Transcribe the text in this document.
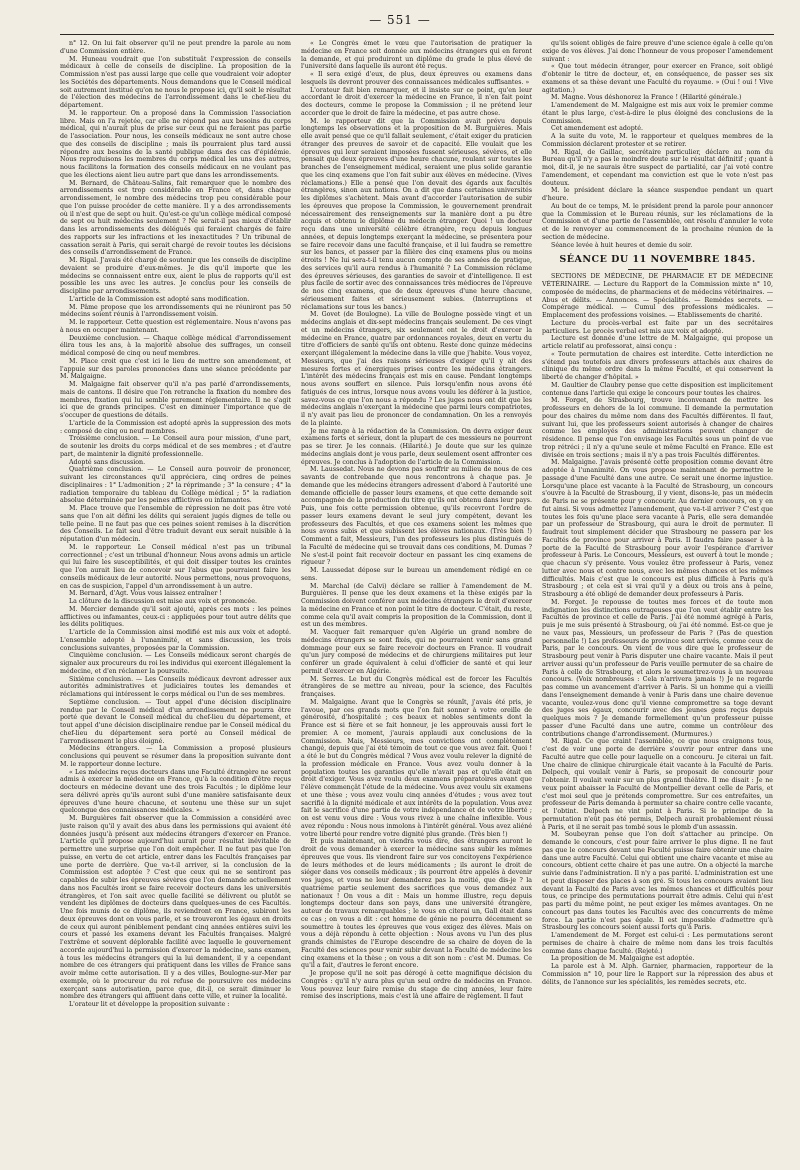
— 551 —

n° 12. On lui fait observer qu'il ne peut prendre la parole au nom d'une Commission entière.

M. Huneau voudrait que l'on substituât l'expression de conseils médicaux à celle de conseils de discipline. La proposition de la Commission n'est pas aussi large que celle que voudraient voir adopter les Sociétés des départements. Nous demandons que le Conseil médical soit autrement institué qu'on ne nous le propose ici, qu'il soit le résultat de l'élection des médecins de l'arrondissement dans le chef-lieu du département.

M. le rapporteur. On a proposé dans la Commission l'association libre. Mais on l'a rejetée, car elle ne répond pas aux besoins du corps médical, qui n'aurait plus de prise sur ceux qui ne feraient pas partie de l'association. Pour nous, les conseils médicaux ne sont autre chose que des conseils de discipline ; mais ils pourraient plus tard aussi répondre aux besoins de la santé publique dans des cas d'épidémie. Nous reproduisons les membres du corps médical les uns des autres, nous facilitons la formation des conseils médicaux en ne voulant pas que les élections aient lieu autre part que dans les arrondissements.

M. Bernard, de Château-Salins, fait remarquer que le nombre des arrondissements est trop considérable en France et, dans chaque arrondissement, le nombre des médecins trop peu considérable pour que l'on puisse procéder de cette manière. Il y a des arrondissements où il n'est que de sept ou huit. Qu'est-ce qu'un collège médical composé de sept ou huit médecins seulement ? Ne serait-il pas mieux d'établir dans les arrondissements des délégués qui feraient chargés de faire des rapports sur les infractions et les inexactitudes ? Un tribunal de cassation serait à Paris, qui serait chargé de revoir toutes les décisions des conseils d'arrondissement de France.

M. Rigal. J'avais été chargé de soutenir que les conseils de discipline devaient se produire d'eux-mêmes. Je dis qu'il importe que les médecins se connaissent entre eux, aient le plus de rapports qu'il est possible les uns avec les autres. Je conclus pour les conseils de discipline par arrondissements.

L'article de la Commission est adopté sans modification.

M. Pâme propose que les arrondissements qui ne réuniront pas 50 médecins soient réunis à l'arrondissement voisin.

M. le rapporteur. Cette question est réglementaire. Nous n'avons pas à nous en occuper maintenant.

Deuxième conclusion. — Chaque collège médical d'arrondissement élira tous les ans, à la majorité absolue des suffrages, un conseil médical composé de cinq ou neuf membres.

M. Place croit que c'est ici le lieu de mettre son amendement, et l'appuie sur des paroles prononcées dans une séance précédente par M. Malgaigne.

M. Malgaigne fait observer qu'il n'a pas parlé d'arrondissements, mais de cantons. Il désire que l'on retranche la fixation du nombre des membres, fixation qui lui semble purement réglementaire. Il ne s'agit ici que de grands principes. C'est en diminuer l'importance que de s'occuper de questions de détails.

L'article de la Commission est adopté après la suppression des mots : composé de cinq ou neuf membres.

Troisième conclusion. — Le Conseil aura pour mission, d'une part, de soutenir les droits du corps médical et de ses membres ; et d'autre part, de maintenir la dignité professionnelle.

Adopté sans discussion.

Quatrième conclusion. — Le Conseil aura pouvoir de prononcer, suivant les circonstances qu'il appréciera, cinq ordres de peines disciplinaires : 1° L'admonition ; 2° la réprimande ; 3° la censure ; 4° la radiation temporaire du tableau du Collège médical ; 5° la radiation absolue déterminée par les peines afflictives ou infamantes.

M. Place trouve que l'ensemble de répression ne doit pas être voté sans que l'on ait défini les délits qui seraient jugés dignes de telle ou telle peine. Il ne faut pas que ces peines soient remises à la discrétion des Conseils. Le fait seul d'être traduit devant eux serait nuisible à la réputation d'un médecin.

M. le rapporteur. Le Conseil médical n'est pas un tribunal correctionnel ; c'est un tribunal d'honneur. Nous avons admis un article qui lui faire les susceptibilités, et qui doit dissiper toutes les craintes que l'on aurait lieu de concevoir sur l'abus que pourraient faire les conseils médicaux de leur autorité. Nous permettons, nous provoquons, en cas de suspicion, l'appel d'un arrondissement à un autre.

M. Bernard, d'Agt. Vous vous laissez entraîner !

La clôture de la discussion est mise aux voix et prononcée.

M. Mercier demande qu'il soit ajouté, après ces mots : les peines afflictives ou infamantes, ceux-ci : appliquées pour tout autre délits que les délits politiques.

L'article de la Commission ainsi modifié est mis aux voix et adopté. L'ensemble adopté à l'unanimité, et sans discussion, les trois conclusions suivantes, proposées par la Commission.

Cinquième conclusion. — Les Conseils médicaux seront chargés de signaler aux procureurs du roi les individus qui exercent illégalement la médecine, et d'en réclamer la poursuite.

Sixième conclusion. — Les Conseils médicaux devront adresser aux autorités administratives et judiciaires toutes les demandes et réclamations qui intéressent le corps médical ou l'un de ses membres.

Septième conclusion. — Tout appel d'une décision disciplinaire rendue par le Conseil médical d'un arrondissement ne pourra être porté que devant le Conseil médical du chef-lieu du département, et tout appel d'une décision disciplinaire rendue par le Conseil médical du chef-lieu du département sera porté au Conseil médical de l'arrondissement le plus éloigné.

Médecins étrangers. — La Commission a proposé plusieurs conclusions qui peuvent se résumer dans la proposition suivante dont M. le rapporteur donne lecture.

« Les médecins reçus docteurs dans une Faculté étrangère ne seront admis à exercer la médecine en France, qu'à la condition d'être reçus docteurs en médecine devant une des trois Facultés ; le diplôme leur sera délivré après qu'ils auront subi d'une manière satisfaisante deux épreuves d'une heure chacune, et soutenu une thèse sur un sujet quelconque des connaissances médicales. »

M. Burguières fait observer que la Commission a considéré avec juste raison qu'il y avait des abus dans les permissions qui avaient été données jusqu'à présent aux médecins étrangers d'exercer en France. L'article qu'il propose aujourd'hui aurait pour résultat inévitable de permettre une surprise que l'on doit empêcher. Il ne faut pas que l'on puisse, en vertu de cet article, entrer dans les Facultés françaises par une porte de derrière. Que va-t-il arriver, si la conclusion de la Commission est adoptée ? C'est que ceux qui ne se sentiront pas capables de subir les épreuves sévères que l'on demande actuellement dans nos Facultés iront se faire recevoir docteurs dans les universités étrangères, et l'on sait avec quelle facilité se délivrent ou plutôt se vendent les diplômes de docteurs dans quelques-unes de ces Facultés. Une fois munis de ce diplôme, ils reviendront en France, subiront les deux épreuves dont on vous parle, et se trouveront les égaux en droits de ceux qui auront péniblement pendant cinq années entières suivi les cours et passé les examens devant les Facultés françaises. Malgré l'extrême et souvent déplorable facilité avec laquelle le gouvernement accorde aujourd'hui la permission d'exercer la médecine, sans examen, à tous les médecins étrangers qui la lui demandent, il y a cependant nombre de ces étrangers qui pratiquent dans les villes de France sans avoir même cette autorisation. Il y a des villes, Boulogne-sur-Mer par exemple, où le procureur du roi refuse de poursuivre ces médecins exerçant sans autorisation, parce que, dit-il, ce serait diminuer le nombre des étrangers qui affluent dans cette ville, et ruiner la localité.

L'orateur lit et développe la proposition suivante :

« Le Congrès émet le vœu que l'autorisation de pratiquer la médecine en France soit donnée aux médecins étrangers qui en feront la demande, et qui produiront un diplôme du grade le plus élevé de l'université dans laquelle ils auront été reçus.

« Il sera exigé d'eux, de plus, deux épreuves ou examens dans lesquels ils devront prouver des connaissances médicales suffisantes. »

L'orateur fait bien remarquer, et il insiste sur ce point, qu'en leur accordant le droit d'exercer la médecine en France, il n'en fait point des docteurs, comme le propose la Commission ; il ne prétend leur accorder que le droit de faire la médecine, et pas autre chose.

M. le rapporteur dit que la Commission avait prévu depuis longtemps les observations et la proposition de M. Burguières. Mais elle avait pensé que ce qu'il fallait seulement, c'était exiger du praticien étranger des preuves de savoir et de capacité. Elle voulait que les épreuves qui leur seraient imposées fussent sérieuses, sévères, et elle pensait que deux épreuves d'une heure chacune, roulant sur toutes les branches de l'enseignement médical, seraient une plus solide garantie que les cinq examens que l'on fait subir aux élèves en médecine. (Vives réclamations.) Elle a pensé que l'on devait des égards aux facultés étrangères, sinon aux nations. On a dit que dans certaines universités les diplômes s'achètent. Mais avant d'accorder l'autorisation de subir les épreuves que propose la Commission, le gouvernement prendrait nécessairement des renseignements sur la manière dont a pu être acquis et obtenu le diplôme du médecin étranger. Quoi ! un docteur reçu dans une université célèbre étrangère, reçu depuis longues années, et depuis longtemps exerçant la médecine, se présentera pour se faire recevoir dans une faculté française, et il lui faudra se remettre sur les bancs, et passer par la filière des cinq examens plus ou moins étroits ! Ne lui sera-t-il tenu aucun compte de ses années de pratique, des services qu'il aura rendus à l'humanité ? La Commission réclame des épreuves sérieuses, des garanties de savoir et d'intelligence. Il est plus facile de sortir avec des connaissances très médiocres de l'épreuve de nos cinq examens, que de deux épreuves d'une heure chacune, sérieusement faites et sérieusement subies. (Interruptions et réclamations sur tous les bancs.)

M. Govet (de Boulogne). La ville de Boulogne possède vingt et un médecins anglais et dix-sept médecins français seulement. De ces vingt et un médecins étrangers, six seulement ont le droit d'exercer la médecine en France, quatre par ordonnances royales, deux en vertu du titre d'officiers de santé qu'ils ont obtenu. Reste donc quinze médecins exerçant illégalement la médecine dans la ville que j'habite. Vous voyez, Messieurs, que j'ai des raisons sérieuses d'exiger qu'il y ait des mesures fortes et énergiques prises contre les médecins étrangers. L'intérêt des médecins français est mis en cause. Pendant longtemps nous avons souffert en silence. Puis lorsqu'enfin nous avons été fatigués de ces intrus, lorsque nous avons voulu les déférer à la justice, savez-vous ce que l'on nous a répondu ? Les juges nous ont dit que les médecins anglais n'exerçant la médecine que parmi leurs compatriotes, il n'y avait pas lieu de prononcer de condamnation. On les a renvoyés de la plainte.

Je me range à la rédaction de la Commission. On devra exiger deux examens forts et sérieux, dont la plupart de ces messieurs ne pourront pas se tirer. Je les connais. (Hilarité.) Je doute que sur les quinze médecins anglais dont je vous parle, deux seulement osent affronter ces épreuves. Je conclus à l'adoption de l'article de la Commission.

M. Laussedat. Nous ne devons pas souffrir au milieu de nous de ces savants de contrebande que nous rencontrons à chaque pas. Je demande que les médecins étrangers adressent d'abord à l'autorité une demande officielle de passer leurs examens, et que cette demande soit accompagnée de la production du titre qu'ils ont obtenu dans leur pays. Puis, une fois cette permission obtenue, qu'ils recevront l'ordre de passer leurs examens devant le seul jury compétent, devant les professeurs des Facultés, et que ces examens soient les mêmes que nous avons subis et que subissent les élèves nationaux. (Très bien !) Comment a fait, Messieurs, l'un des professeurs les plus distingués de la Faculté de médecine qui se trouvait dans ces conditions, M. Dumas ? Ne s'est-il point fait recevoir docteur en passant les cinq examens de rigueur ?

M. Laussedat dépose sur le bureau un amendement rédigé en ce sens.

M. Marchal (de Calvi) déclare se rallier à l'amendement de M. Burguières. Il pense que les deux examens et la thèse exigés par la Commission doivent conférer aux médecins étrangers le droit d'exercer la médecine en France et non point le titre de docteur. C'était, du reste, comme cela qu'il avait compris la proposition de la Commission, dont il est un des membres.

M. Vacquer fait remarquer qu'en Algérie un grand nombre de médecins étrangers se sont fixés, qui ne pourraient venir sans grand dommage pour eux se faire recevoir docteurs en France. Il voudrait qu'un jury composé de médecins et de chirurgiens militaires put leur conférer un grade équivalent à celui d'officier de santé et qui leur permit d'exercer en Algérie.

M. Serres. Le but du Congrès médical est de forcer les Facultés étrangères de se mettre au niveau, pour la science, des Facultés françaises.

M. Malgaigne. Avant que le Congrès se réunît, j'avais été pris, je l'avoue, par ces grands mots que l'on fait sonner à votre oreille de générosité, d'hospitalité ; ces beaux et nobles sentiments dont la France est si fière et se fait honneur, je les approuvais aussi fort le premier. A ce moment, j'aurais applaudi aux conclusions de la Commission. Mais, Messieurs, mes convictions ont complètement changé, depuis que j'ai été témoin de tout ce que vous avez fait. Quoi ! a été le but du Congrès médical ? Vous avez voulu relever la dignité de la profession médicale en France. Vous avez voulu donner à la population toutes les garanties qu'elle n'avait pas et qu'elle était en droit d'exiger. Vous avez voulu deux examens préparatoires avant que l'élève commençât l'étude de la médecine. Vous avez voulu six examens et une thèse ; vous avez voulu cinq années d'études ; vous avez tout sacrifié à la dignité médicale et aux intérêts de la population. Vous avez fait le sacrifice d'une partie de votre indépendance et de votre liberté ; on est venu vous dire : Vous vous rivez à une chaîne inflexible. Vous avez répondu : Nous nous inmolons à l'intérêt général. Vous avez aliéné votre liberté pour rendre votre dignité plus grande. (Très bien !)

Et puis maintenant, on viendra vous dire, des étrangers auront le droit de vous demander à exercer la médecine sans subir les mêmes épreuves que vous. Ils viendront faire sur vos concitoyens l'expérience de leurs méthodes et de leurs médicaments ; ils auront le droit de siéger dans vos conseils médicaux ; ils pourront être appelés à devenir vos juges, et vous ne leur demanderez pas la moitié, que dis-je ? la quatrième partie seulement des sacrifices que vous demandez aux nationaux ! On vous a dit : Mais un homme illustre, reçu depuis longtemps docteur dans son pays, dans une université étrangère, auteur de travaux remarquables ; le vous en citerai un, Gall était dans ce cas ; on vous a dit : cet homme de génie ne pourra décemment se soumettre à toutes les épreuves que vous exigez des élèves. Mais on vous a déjà répondu à cette objection : Nous avons vu l'un des plus grands chimistes de l'Europe descendre de sa chaire de doyen de la Faculté des sciences pour venir subir devant la Faculté de médecine les cinq examens et la thèse ; on vous a dit son nom : c'est M. Dumas. Ce qu'il a fait, d'autres le feront encore.

Je propose qu'il ne soit pas dérogé à cette magnifique décision du Congrès : qu'il n'y aura plus qu'un seul ordre de médecins en France. Vous pouvez leur faire remise du stage de cinq années, leur faire remise des inscriptions, mais c'est là une affaire de règlement. Il faut

qu'ils soient obligés de faire preuve d'une science égale à celle qu'on exige de vos élèves. J'ai donc l'honneur de vous proposer l'amendement suivant :

« Que tout médecin étranger, pour exercer en France, soit obligé d'obtenir le titre de docteur, et, en conséquence, de passer ses six examens et sa thèse devant une Faculté du royaume. » (Oui ! oui ! Vive agitation.)

M. Magne. Vous déshonorez la France ! (Hilarité générale.)

L'amendement de M. Malgaigne est mis aux voix le premier comme étant le plus large, c'est-à-dire le plus éloigné des conclusions de la Commission.

Cet amendement est adopté.

A la suite du vote, M. le rapporteur et quelques membres de la Commission déclarent protester et se retirer.

M. Rigal, de Gaillac, secrétaire particulier, déclare au nom du Bureau qu'il n'y a pas le moindre doute sur le résultat définitif ; quant à moi, dit-il, je ne saurais être suspect de partialité, car j'ai voté contre l'amendement, et cependant ma conviction est que le vote n'est pas douteux.

M. le président déclare la séance suspendue pendant un quart d'heure.

Au bout de ce temps, M. le président prend la parole pour annoncer que la Commission et le Bureau réunis, sur les réclamations de la Commission et d'une partie de l'assemblée, ont résolu d'annuler le vote et de le renvoyer au commencement de la prochaine réunion de la section de médecine.

Séance levée à huit heures et demie du soir.

SÉANCE DU 11 NOVEMBRE 1845.

SECTIONS DE MÉDECINE, DE PHARMACIE ET DE MÉDECINE VÉTÉRINAIRE. — Lecture du Rapport de la Commission mixte n° 10, composée de médecins, de pharmaciens et de médecins vétérinaires. — Abus et délits. — Annonces. — Spécialités. — Remèdes secrets. — Compérage médical. — Cumul des professions médicales. — Emplacement des professions voisines. — Etablissements de charité.

Lecture du procès-verbal est faite par un des secrétaires particuliers. Le procès verbal est mis aux voix et adopté.

Lecture est donnée d'une lettre de M. Malgaigne, qui propose un article relatif au professorat, ainsi conçu :

« Toute permutation de chaires est interdite. Cette interdiction ne s'étend pas toutefois aux divers professeurs attachés aux chaires de clinique du même ordre dans la même Faculté, et qui conservent la liberté de changer d'hôpital. »

M. Gaultier de Claubry pense que cette disposition est implicitement contenue dans l'article qui exige le concours pour toutes les chaires.

M. Forget, de Strasbourg, trouve inconvenant de mettre les professeurs en dehors de la loi commune. Il demande la permutation pour des chaires du même nom dans des Facultés différentes. Il faut, suivant lui, que les professeurs soient autorisés à changer de chaires comme les employés des administrations peuvent changer de résidence. Il pense que l'on envisage les Facultés sous un point de vue trop rétréci ; il n'y a qu'une seule et même Faculté en France. Elle est divisée en trois sections ; mais il n'y a pas trois Facultés différentes.

M. Malgaigne. J'avais présenté cette proposition comme devant être adoptée à l'unanimité. On vous propose maintenant de permettre le passage d'une Faculté dans une autre. Ce serait une énorme injustice. Lorsqu'une place est vacante à la Faculté de Strasbourg, un concours s'ouvre à la Faculté de Strasbourg, il y vient, disons-le, pas un médecin de Paris ne se présente pour y concourir. Au dernier concours, on y en fut ainsi. Si vous admettez l'amendement, que va-t-il arriver ? C'est que toutes les fois qu'une place sera vacante à Paris, elle sera demandée par un professeur de Strasbourg, qui aura le droit de permuter. Il faudrait tout simplement décider que Strasbourg ne passera par les Facultés de province pour arriver à Paris. Il faudra faire passer à la porte de la Faculté de Strasbourg pour avoir l'espérance d'arriver professeur à Paris. Le Concours, Messieurs, est ouvert à tout le monde ; que chacun s'y présente. Vous voulez être professeur à Paris, venez lutter avec nous et contre nous, avec les mêmes chances et les mêmes difficultés. Mais c'est que le concours est plus difficile à Paris qu'à Strasbourg ; et cela est si vrai qu'il y a deux ou trois ans à peine, Strasbourg a été obligé de demander deux professeurs à Paris.

M. Forget. Je repousse de toutes mes forces et de toute mon indignation les distinctions outrageuses que l'on veut établir entre les Facultés de province et celle de Paris. J'ai été nommé agrégé à Paris, puis je me suis présenté à Strasbourg, où j'ai été nommé. Est-ce que je ne vaux pas, Messieurs, un professeur de Paris ? (Pas de question personnelle !) Les professeurs de province sont arrivés, comme ceux de Paris, par le concours. On vient de vous dire que le professeur de Strasbourg peut venir à Paris disputer une chaire vacante. Mais il peut arriver aussi qu'un professeur de Paris veuille permuter de sa chaire de Paris à celle de Strasbourg, et alors le soumettrez-vous à un nouveau concours. (Voix nombreuses : Cela n'arrivera jamais !) Je ne regarde pas comme un avancement d'arriver à Paris. Si un homme qui a vieilli dans l'enseignement demande à venir à Paris dans une chaire devenue vacante, voulez-vous donc qu'il vienne compromettre sa toge devant des juges ses égaux, concourir avec des jeunes gens reçus depuis quelques mois ? Je demande formellement qu'un professeur puisse passer d'une Faculté dans une autre, comme un contrôleur des contributions change d'arrondissement. (Murmures.)

M. Rigal. Ce que craint l'assemblée, ce que nous craignons tous, c'est de voir une porte de derrière s'ouvrir pour entrer dans une Faculté autre que celle pour laquelle on a concouru. Je citerai un fait. Une chaire de clinique chirurgicale était vacante à la Faculté de Paris. Delpech, qui voulait venir à Paris, se proposait de concourir pour l'obtenir. Il voulait venir sur un plus grand théâtre. Il me disait : Je ne veux point abaisser la Faculté de Montpellier devant celle de Paris, et c'est moi seul que je prétends compromettre. Sur ces entrefaites, un professeur de Paris demanda à permuter sa chaire contre celle vacante, et l'obtint. Delpech ne vint point à Paris. Si le principe de la permutation n'eût pas été permis, Delpech aurait probablement réussi à Paris, et il ne serait pas tombé sous le plomb d'un assassin.

M. Soubeyran pense que l'on doit s'attacher au principe. On demande le concours, c'est pour faire arriver le plus digne. Il ne faut pas que le concours devant une Faculté puisse faire obtenir une chaire dans une autre Faculté. Celui qui obtient une chaire vacante et mise au concours, obtient cette chaire et pas une autre. On a objecté la marche suivie dans l'administration. Il n'y a pas parité. L'administration est une et peut disposer des places à son gré. Si tous les concours avaient lieu devant la Faculté de Paris avec les mêmes chances et difficultés pour tous, ce principe des permutations pourrait être admis. Celui qui n'est pas parti du même point, ne peut exiger les mêmes avantages. On ne concourt pas dans toutes les Facultés avec des concurrents de même force. La partie n'est pas égale. Il est impossible d'admettre qu'à Strasbourg les concours soient aussi forts qu'à Paris.

L'amendement de M. Forget est celui-ci : Les permutations seront permises de chaire à chaire de même nom dans les trois facultés comme dans chaque faculté. (Rejeté.)

La proposition de M. Malgaigne est adoptée.

La parole est à M. Alph. Garnier, pharmacien, rapporteur de la Commission n° 10, pour lire le Rapport sur la répression des abus et délits, de l'annonce sur les spécialités, les remèdes secrets, etc.
